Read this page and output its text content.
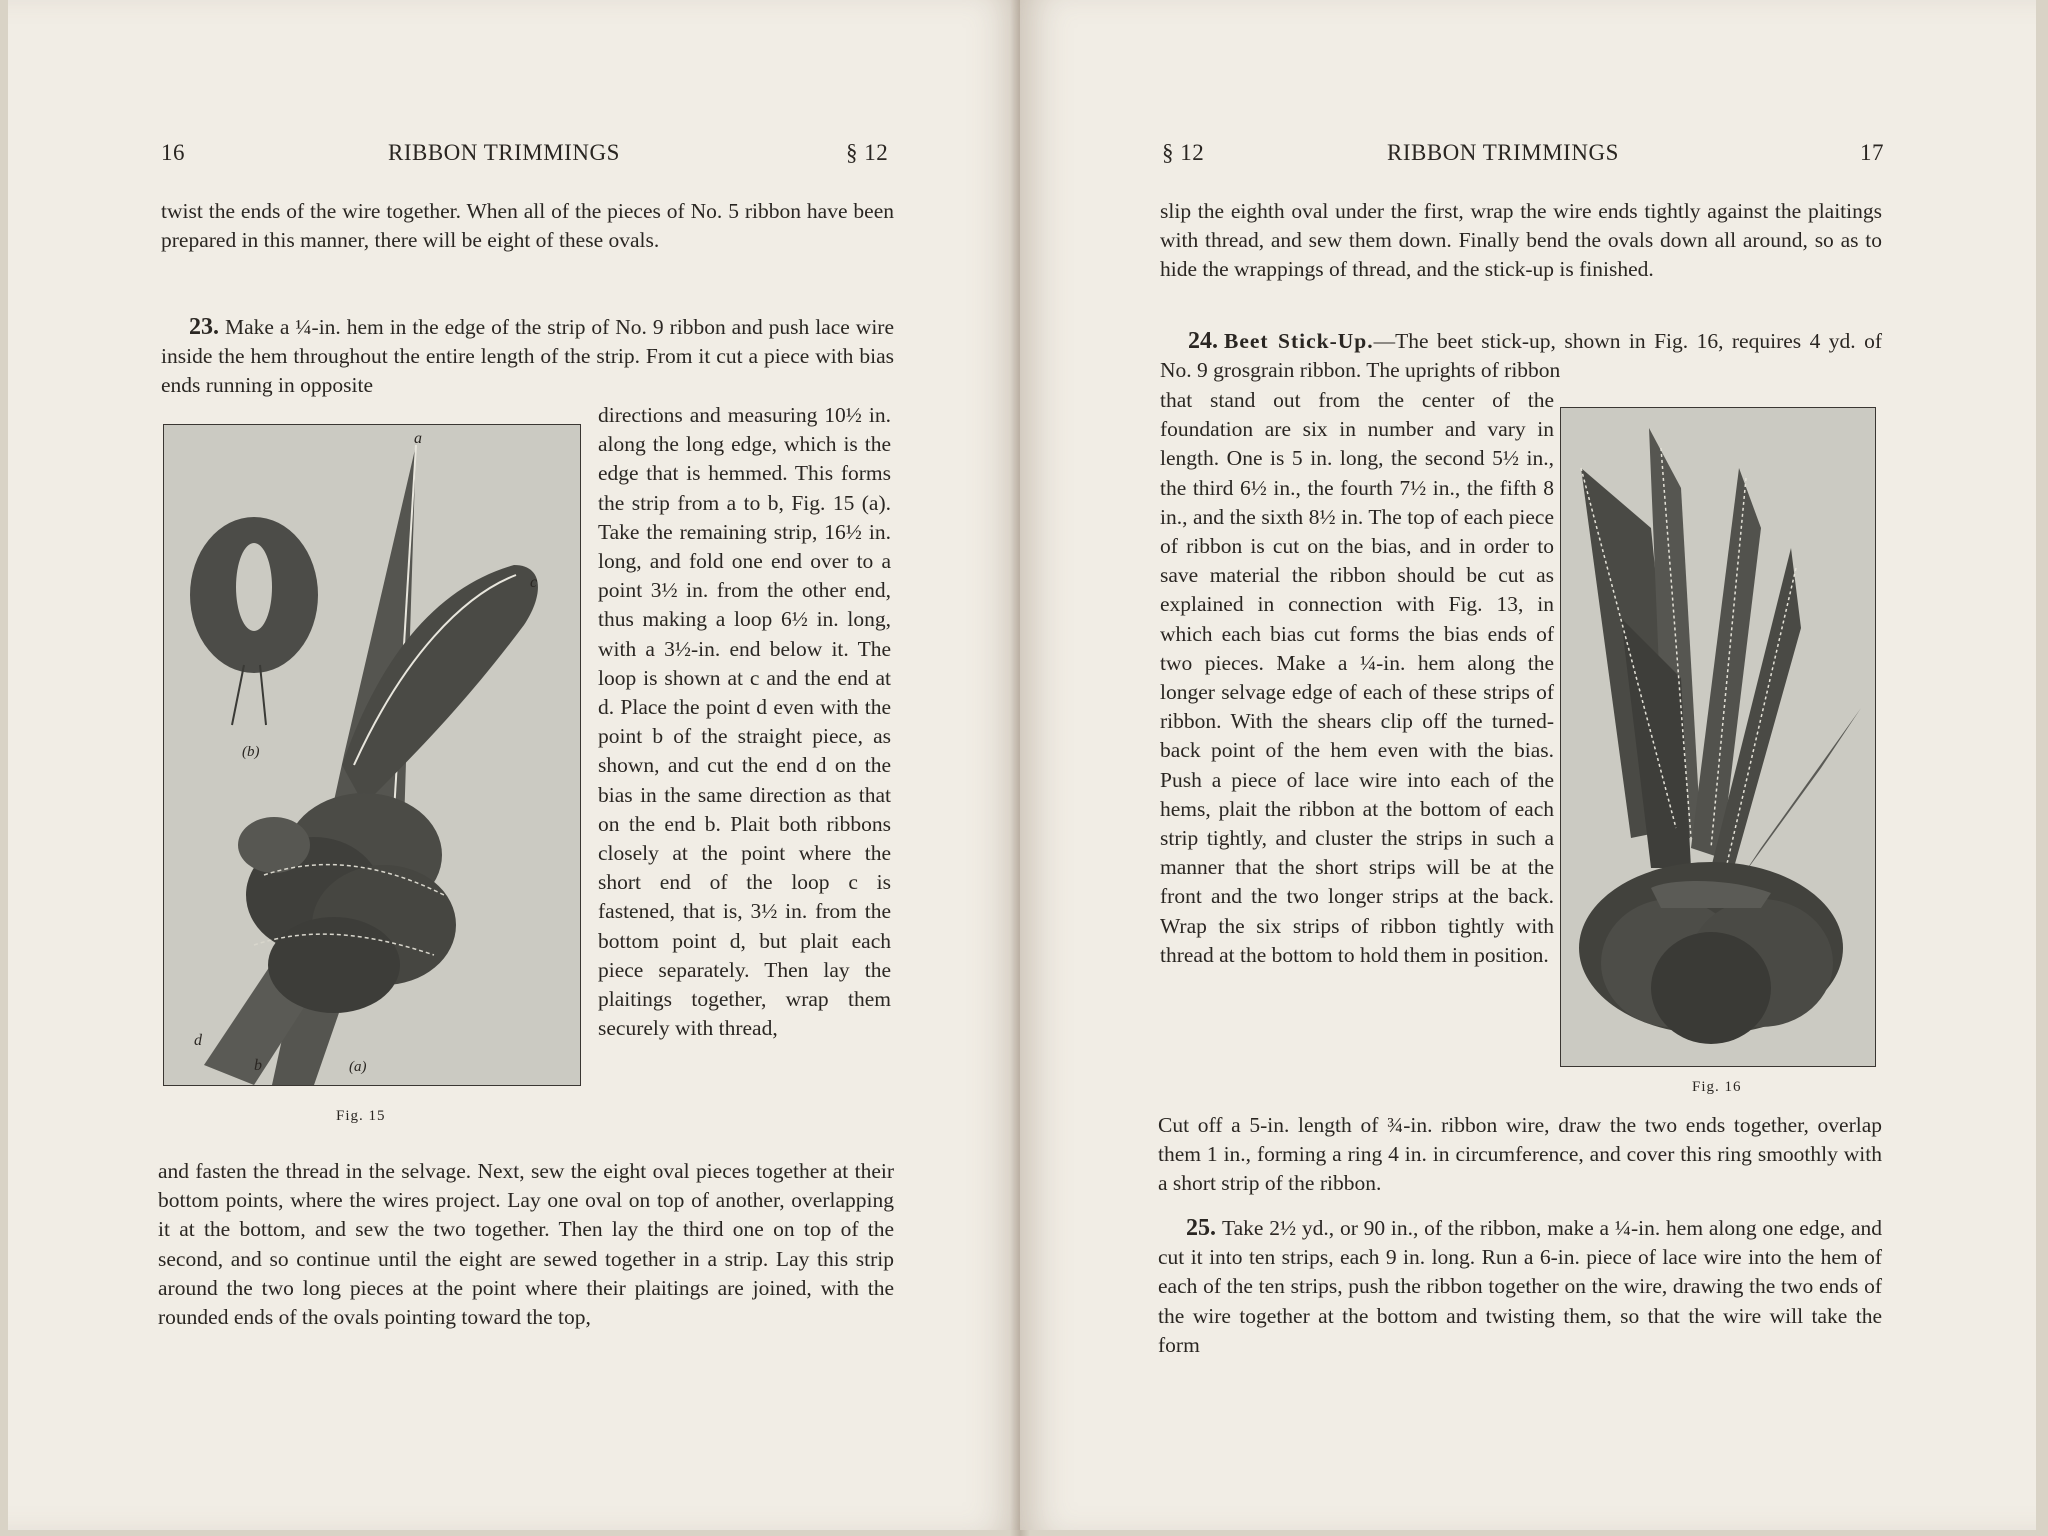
16	RIBBON TRIMMINGS	§ 12

twist the ends of the wire together. When all of the pieces of No. 5 ribbon have been prepared in this manner, there will be eight of these ovals.

23. Make a ¼-in. hem in the edge of the strip of No. 9 ribbon and push lace wire inside the hem throughout the entire length of the strip. From it cut a piece with bias ends running in opposite

a
c
d
b	(a)
(b)
Fig. 15

directions and measuring 10½ in. along the long edge, which is the edge that is hemmed. This forms the strip from a to b, Fig. 15 (a). Take the remaining strip, 16½ in. long, and fold one end over to a point 3½ in. from the other end, thus making a loop 6½ in. long, with a 3½-in. end below it. The loop is shown at c and the end at d. Place the point d even with the point b of the straight piece, as shown, and cut the end d on the bias in the same direction as that on the end b. Plait both ribbons closely at the point where the short end of the loop c is fastened, that is, 3½ in. from the bottom point d, but plait each piece separately. Then lay the plaitings together, wrap them securely with thread,

and fasten the thread in the selvage. Next, sew the eight oval pieces together at their bottom points, where the wires project. Lay one oval on top of another, overlapping it at the bottom, and sew the two together. Then lay the third one on top of the second, and so continue until the eight are sewed together in a strip. Lay this strip around the two long pieces at the point where their plaitings are joined, with the rounded ends of the ovals pointing toward the top,

§ 12	RIBBON TRIMMINGS	17

slip the eighth oval under the first, wrap the wire ends tightly against the plaitings with thread, and sew them down. Finally bend the ovals down all around, so as to hide the wrappings of thread, and the stick-up is finished.

24. Beet Stick-Up.—The beet stick-up, shown in Fig. 16, requires 4 yd. of No. 9 grosgrain ribbon. The uprights of ribbon

that stand out from the center of the foundation are six in number and vary in length. One is 5 in. long, the second 5½ in., the third 6½ in., the fourth 7½ in., the fifth 8 in., and the sixth 8½ in. The top of each piece of ribbon is cut on the bias, and in order to save material the ribbon should be cut as explained in connection with Fig. 13, in which each bias cut forms the bias ends of two pieces. Make a ¼-in. hem along the longer selvage edge of each of these strips of ribbon. With the shears clip off the turned-back point of the hem even with the bias. Push a piece of lace wire into each of the hems, plait the ribbon at the bottom of each strip tightly, and cluster the strips in such a manner that the short strips will be at the front and the two longer strips at the back. Wrap the six strips of ribbon tightly with thread at the bottom to hold them in position.

Fig. 16

Cut off a 5-in. length of ¾-in. ribbon wire, draw the two ends together, overlap them 1 in., forming a ring 4 in. in circumference, and cover this ring smoothly with a short strip of the ribbon.

25. Take 2½ yd., or 90 in., of the ribbon, make a ¼-in. hem along one edge, and cut it into ten strips, each 9 in. long. Run a 6-in. piece of lace wire into the hem of each of the ten strips, push the ribbon together on the wire, drawing the two ends of the wire together at the bottom and twisting them, so that the wire will take the form
